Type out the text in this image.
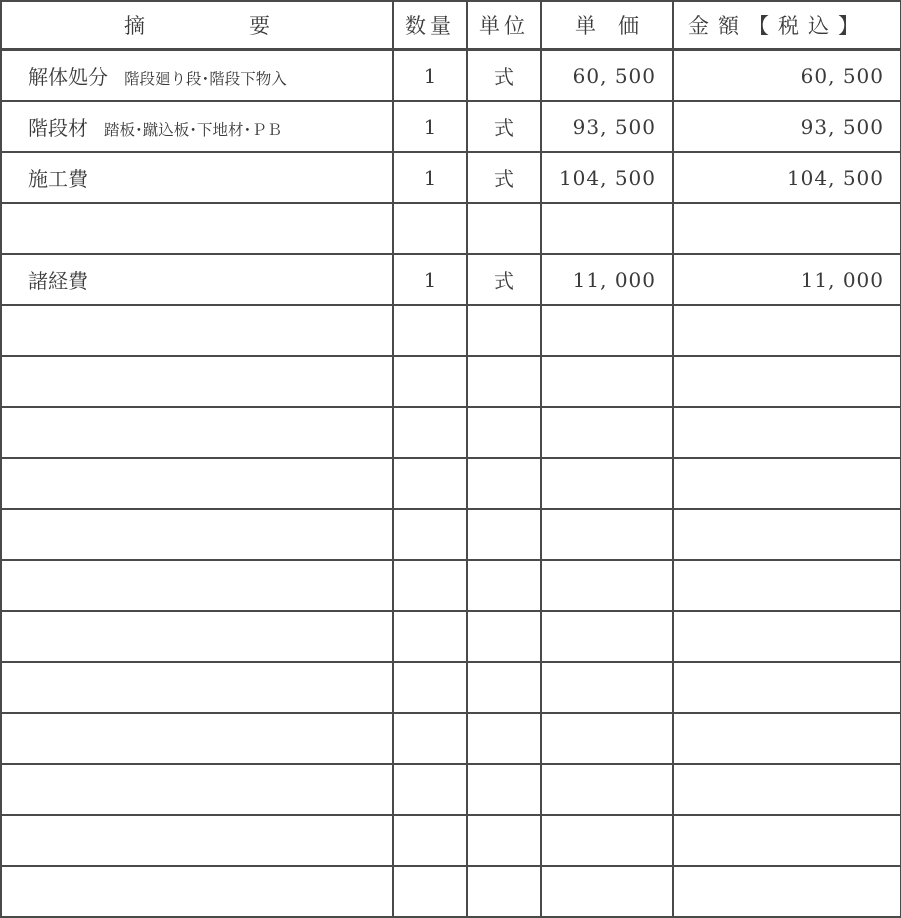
摘 要	数量	単位	単価	金額【税込】
解体処分 階段廻り段･階段下物入	1	式	60, 500	60, 500
階段材 踏板･蹴込板･下地材･ＰＢ	1	式	93, 500	93, 500
施工費	1	式	104, 500	104, 500

諸経費	1	式	11, 000	11, 000
